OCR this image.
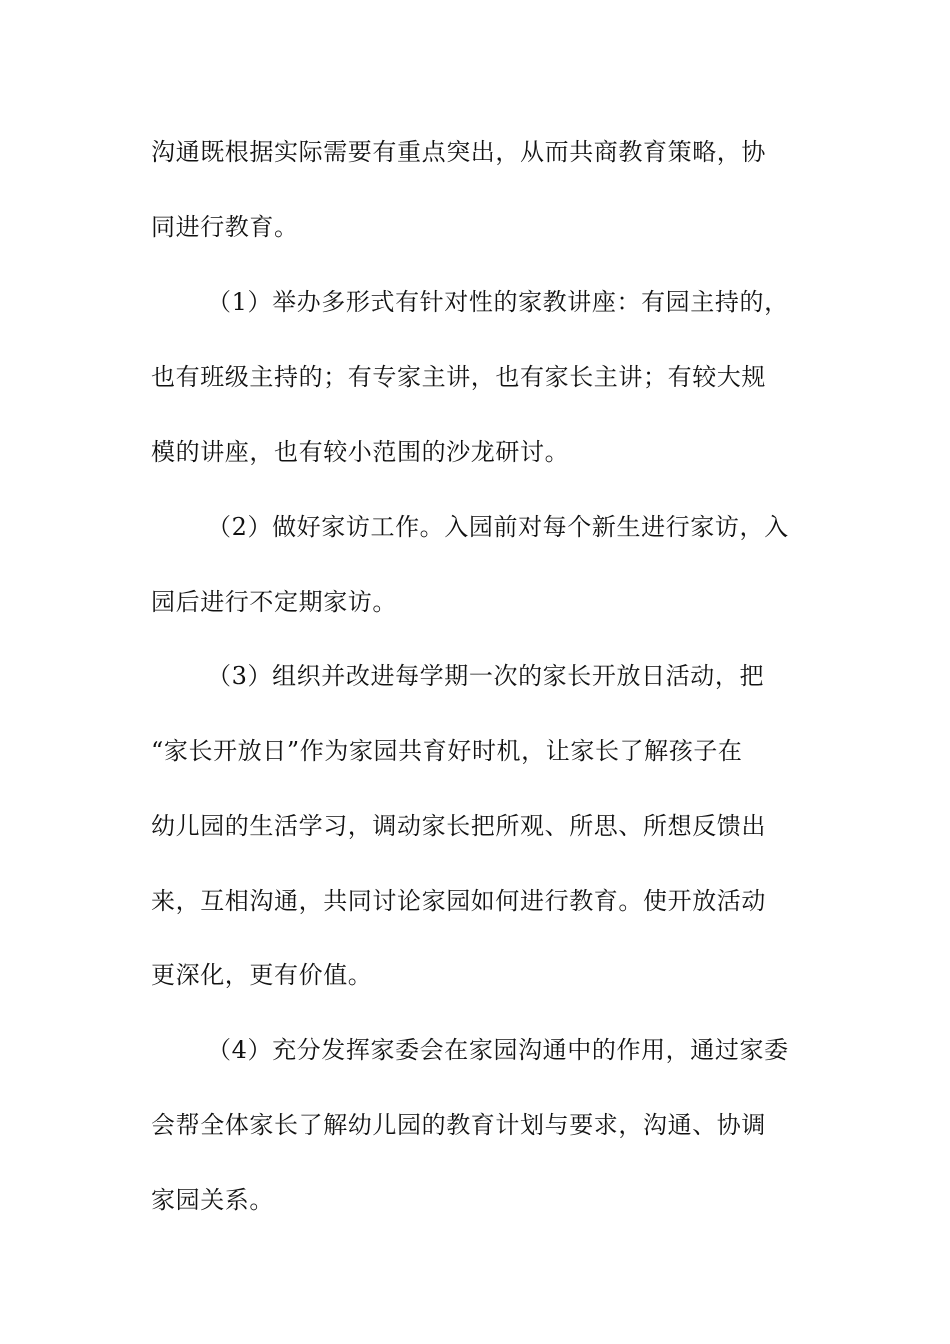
沟通既根据实际需要有重点突出，从而共商教育策略，协
同进行教育。
（1）举办多形式有针对性的家教讲座：有园主持的，
也有班级主持的；有专家主讲，也有家长主讲；有较大规
模的讲座，也有较小范围的沙龙研讨。
（2）做好家访工作。入园前对每个新生进行家访，入
园后进行不定期家访。
（3）组织并改进每学期一次的家长开放日活动，把
“家长开放日”作为家园共育好时机，让家长了解孩子在
幼儿园的生活学习，调动家长把所观、所思、所想反馈出
来，互相沟通，共同讨论家园如何进行教育。使开放活动
更深化，更有价值。
（4）充分发挥家委会在家园沟通中的作用，通过家委
会帮全体家长了解幼儿园的教育计划与要求，沟通、协调
家园关系。
